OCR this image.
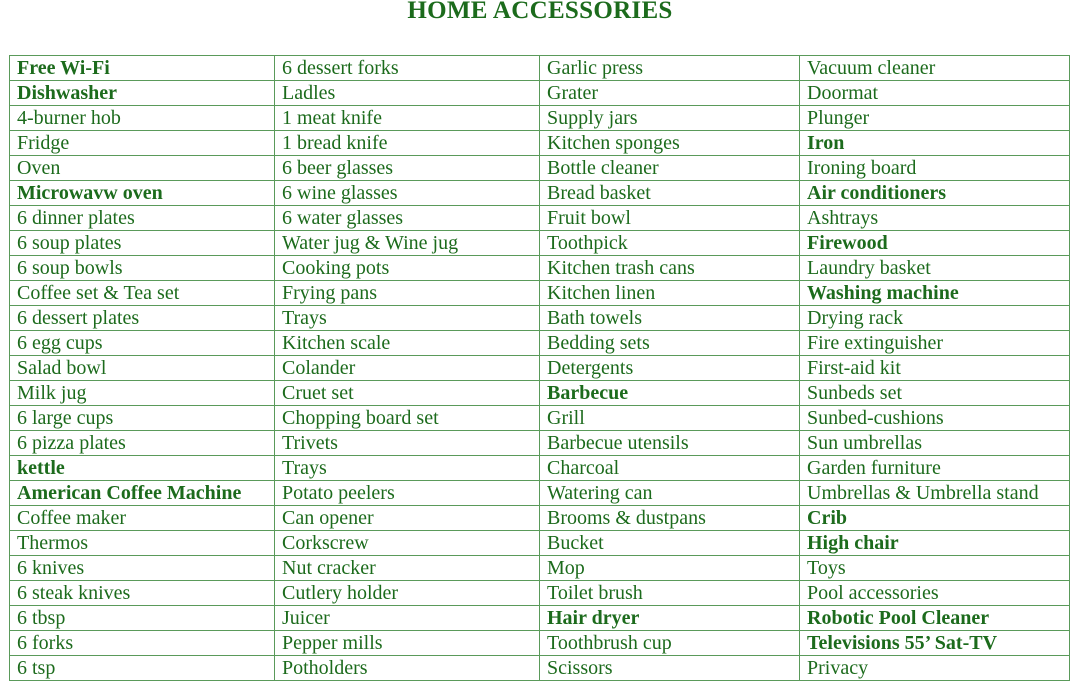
HOME ACCESSORIES
Free Wi-Fi	6 dessert forks	Garlic press	Vacuum cleaner
Dishwasher	Ladles	Grater	Doormat
4-burner hob	1 meat knife	Supply jars	Plunger
Fridge	1 bread knife	Kitchen sponges	Iron
Oven	6 beer glasses	Bottle cleaner	Ironing board
Microwavw oven	6 wine glasses	Bread basket	Air conditioners
6 dinner plates	6 water glasses	Fruit bowl	Ashtrays
6 soup plates	Water jug & Wine jug	Toothpick	Firewood
6 soup bowls	Cooking pots	Kitchen trash cans	Laundry basket
Coffee set & Tea set	Frying pans	Kitchen linen	Washing machine
6 dessert plates	Trays	Bath towels	Drying rack
6 egg cups	Kitchen scale	Bedding sets	Fire extinguisher
Salad bowl	Colander	Detergents	First-aid kit
Milk jug	Cruet set	Barbecue	Sunbeds set
6 large cups	Chopping board set	Grill	Sunbed-cushions
6 pizza plates	Trivets	Barbecue utensils	Sun umbrellas
kettle	Trays	Charcoal	Garden furniture
American Coffee Machine	Potato peelers	Watering can	Umbrellas & Umbrella stand
Coffee maker	Can opener	Brooms & dustpans	Crib
Thermos	Corkscrew	Bucket	High chair
6 knives	Nut cracker	Mop	Toys
6 steak knives	Cutlery holder	Toilet brush	Pool accessories
6 tbsp	Juicer	Hair dryer	Robotic Pool Cleaner
6 forks	Pepper mills	Toothbrush cup	Televisions 55’ Sat-TV
6 tsp	Potholders	Scissors	Privacy
